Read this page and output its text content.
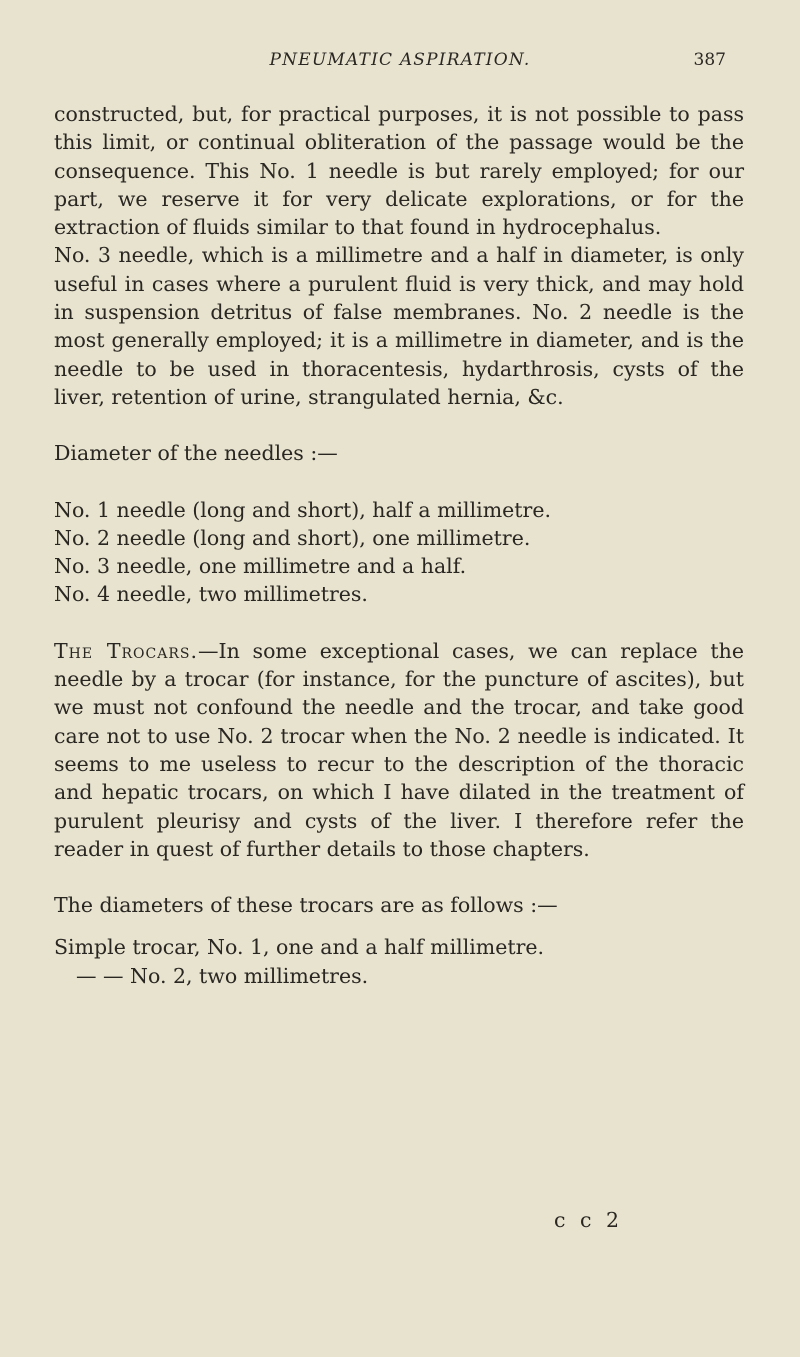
PNEUMATIC ASPIRATION.	387

constructed, but, for practical purposes, it is not possible to pass this limit, or continual obliteration of the passage would be the consequence. This No. 1 needle is but rarely employed; for our part, we reserve it for very delicate explorations, or for the extraction of fluids similar to that found in hydrocephalus.

No. 3 needle, which is a millimetre and a half in diameter, is only useful in cases where a purulent fluid is very thick, and may hold in suspension detritus of false membranes. No. 2 needle is the most generally employed; it is a millimetre in diameter, and is the needle to be used in thoracentesis, hydarthrosis, cysts of the liver, retention of urine, strangulated hernia, &c.

Diameter of the needles :—

No. 1 needle (long and short), half a millimetre.

No. 2 needle (long and short), one millimetre.

No. 3 needle, one millimetre and a half.

No. 4 needle, two millimetres.

The Trocars.—In some exceptional cases, we can replace the needle by a trocar (for instance, for the puncture of ascites), but we must not confound the needle and the trocar, and take good care not to use No. 2 trocar when the No. 2 needle is indicated. It seems to me useless to recur to the description of the thoracic and hepatic trocars, on which I have dilated in the treatment of purulent pleurisy and cysts of the liver. I therefore refer the reader in quest of further details to those chapters.

The diameters of these trocars are as follows :—

Simple trocar, No. 1, one and a half millimetre.

— — No. 2, two millimetres.

c c 2
